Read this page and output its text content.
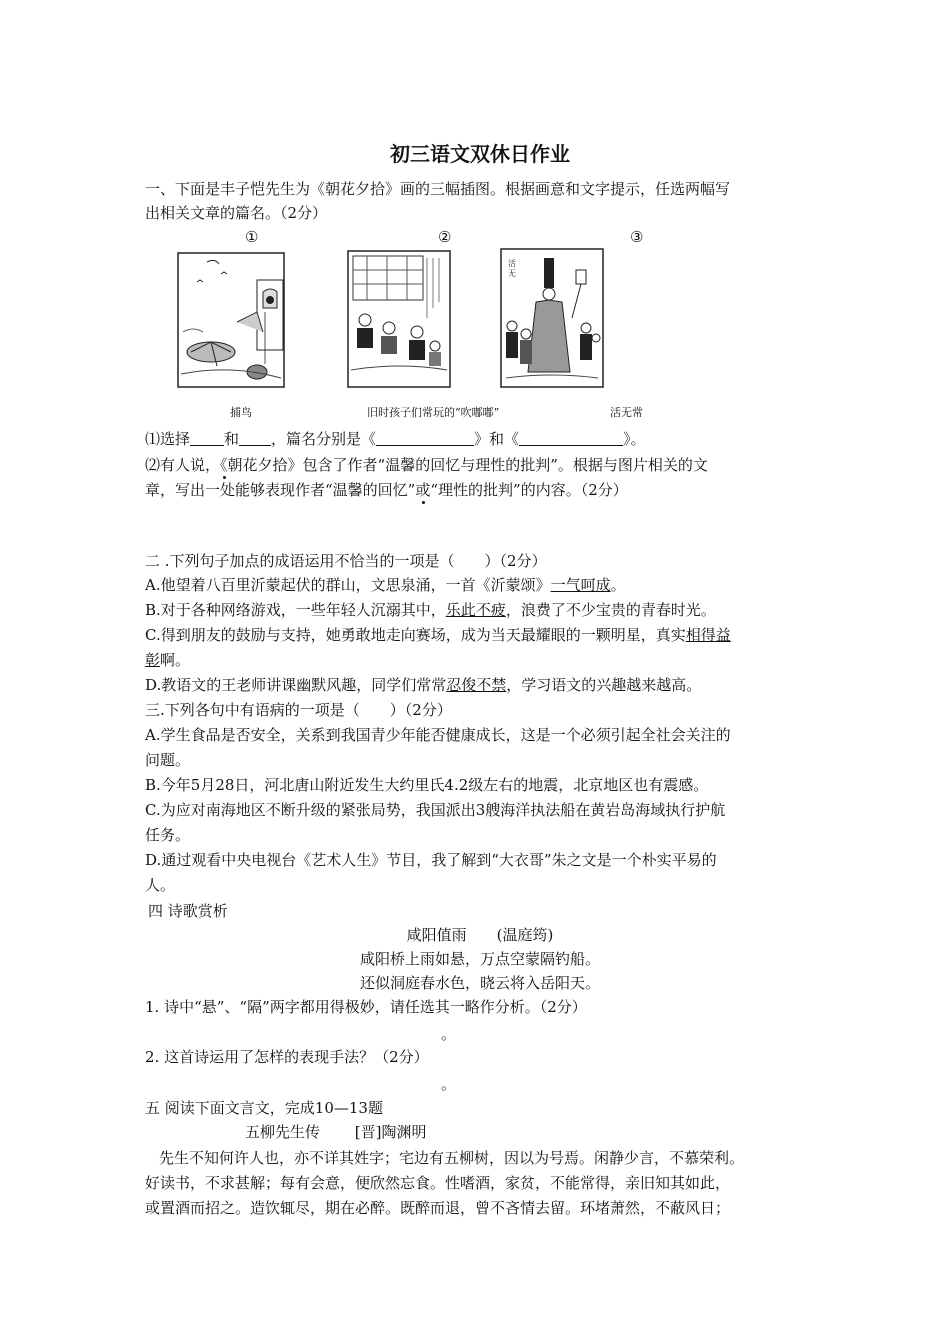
初三语文双休日作业
一、下面是丰子恺先生为《朝花夕拾》画的三幅插图。根据画意和文字提示，任选两幅写
出相关文章的篇名。（2分）
①	②	③
活
无
捕鸟	旧时孩子们常玩的“吹嘟嘟”	活无常
⑴选择 和 ，篇名分别是《	》和《	》。
⑵有人说，《朝花夕拾》包含了作者“温馨的回忆与理性的批判”。根据与图片相关的文
章，写出一处能够表现作者“温馨的回忆”或“理性的批判”的内容。（2分）
二 .下列句子加点的成语运用不恰当的一项是（　　）（2分）
A.他望着八百里沂蒙起伏的群山，文思泉涌，一首《沂蒙颂》一气呵成。
B.对于各种网络游戏，一些年轻人沉溺其中，乐此不疲，浪费了不少宝贵的青春时光。
C.得到朋友的鼓励与支持，她勇敢地走向赛场，成为当天最耀眼的一颗明星，真实相得益
彰啊。
D.教语文的王老师讲课幽默风趣，同学们常常忍俊不禁，学习语文的兴趣越来越高。
三.下列各句中有语病的一项是（　　）（2分）
A.学生食品是否安全，关系到我国青少年能否健康成长，这是一个必须引起全社会关注的
问题。
B.今年5月28日，河北唐山附近发生大约里氏4.2级左右的地震，北京地区也有震感。
C.为应对南海地区不断升级的紧张局势，我国派出3艘海洋执法船在黄岩岛海域执行护航
任务。
D.通过观看中央电视台《艺术人生》节目，我了解到“大衣哥”朱之文是一个朴实平易的
人。
四 诗歌赏析
咸阳值雨　　(温庭筠)
咸阳桥上雨如悬，万点空蒙隔钓船。
还似洞庭春水色，晓云将入岳阳天。
1. 诗中“悬”、“隔”两字都用得极妙，请任选其一略作分析。（2分）
。
2. 这首诗运用了怎样的表现手法？（2分）
。
五 阅读下面文言文，完成10—13题
五柳先生传　　 [晋]陶渊明
先生不知何许人也，亦不详其姓字；宅边有五柳树，因以为号焉。闲静少言，不慕荣利。
好读书，不求甚解；每有会意，便欣然忘食。性嗜酒，家贫，不能常得，亲旧知其如此，
或置酒而招之。造饮辄尽，期在必醉。既醉而退，曾不吝情去留。环堵萧然，不蔽风日；
